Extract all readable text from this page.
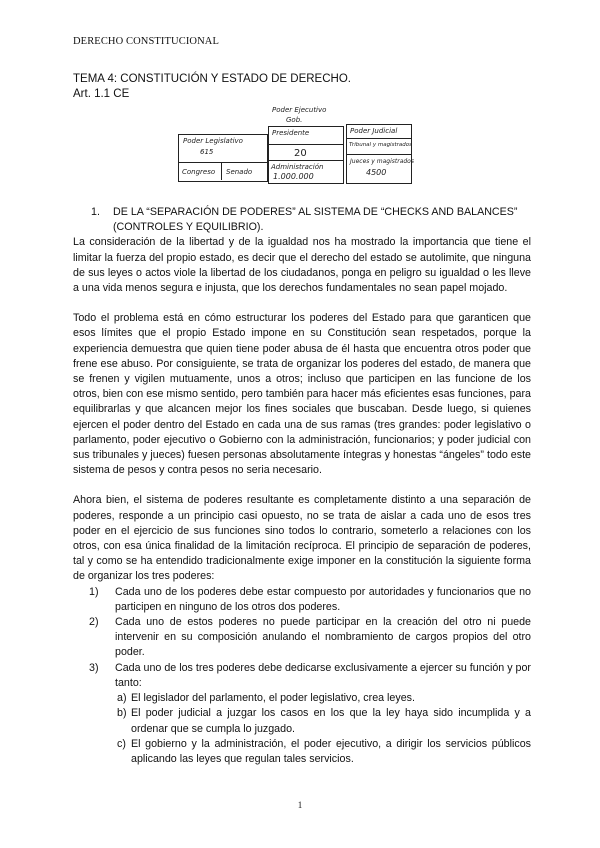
DERECHO CONSTITUCIONAL
TEMA 4: CONSTITUCIÓN Y ESTADO DE DERECHO.
Art. 1.1 CE
Poder Ejecutivo
Gob.
Poder Legislativo
615
Congreso Senado
Presidente
20
Administración
1.000.000
Poder Judicial
Tribunal y magistrados
Jueces y magistrados
4500
1.	DE LA “SEPARACIÓN DE PODERES” AL SISTEMA DE “CHECKS AND BALANCES” (CONTROLES Y EQUILIBRIO).

La consideración de la libertad y de la igualdad nos ha mostrado la importancia que tiene el limitar la fuerza del propio estado, es decir que el derecho del estado se autolimite, que ninguna de sus leyes o actos viole la libertad de los ciudadanos, ponga en peligro su igualdad o les lleve a una vida menos segura e injusta, que los derechos fundamentales no sean papel mojado.

Todo el problema está en cómo estructurar los poderes del Estado para que garanticen que esos límites que el propio Estado impone en su Constitución sean respetados, porque la experiencia demuestra que quien tiene poder abusa de él hasta que encuentra otros poder que frene ese abuso. Por consiguiente, se trata de organizar los poderes del estado, de manera que se frenen y vigilen mutuamente, unos a otros; incluso que participen en las funcione de los otros, bien con ese mismo sentido, pero también para hacer más eficientes esas funciones, para equilibrarlas y que alcancen mejor los fines sociales que buscaban. Desde luego, si quienes ejercen el poder dentro del Estado en cada una de sus ramas (tres grandes: poder legislativo o parlamento, poder ejecutivo o Gobierno con la administración, funcionarios; y poder judicial con sus tribunales y jueces) fuesen personas absolutamente íntegras y honestas “ángeles” todo este sistema de pesos y contra pesos no seria necesario.

Ahora bien, el sistema de poderes resultante es completamente distinto a una separación de poderes, responde a un principio casi opuesto, no se trata de aislar a cada uno de esos tres poder en el ejercicio de sus funciones sino todos lo contrario, someterlo a relaciones con los otros, con esa única finalidad de la limitación recíproca. El principio de separación de poderes, tal y como se ha entendido tradicionalmente exige imponer en la constitución la siguiente forma de organizar los tres poderes:

1)	Cada uno de los poderes debe estar compuesto por autoridades y funcionarios que no participen en ninguno de los otros dos poderes.
2)	Cada uno de estos poderes no puede participar en la creación del otro ni puede intervenir en su composición anulando el nombramiento de cargos propios del otro poder.
3)	Cada uno de los tres poderes debe dedicarse exclusivamente a ejercer su función y por tanto:
a) El legislador del parlamento, el poder legislativo, crea leyes.
b) El poder judicial a juzgar los casos en los que la ley haya sido incumplida y a ordenar que se cumpla lo juzgado.
c) El gobierno y la administración, el poder ejecutivo, a dirigir los servicios públicos aplicando las leyes que regulan tales servicios.
1
